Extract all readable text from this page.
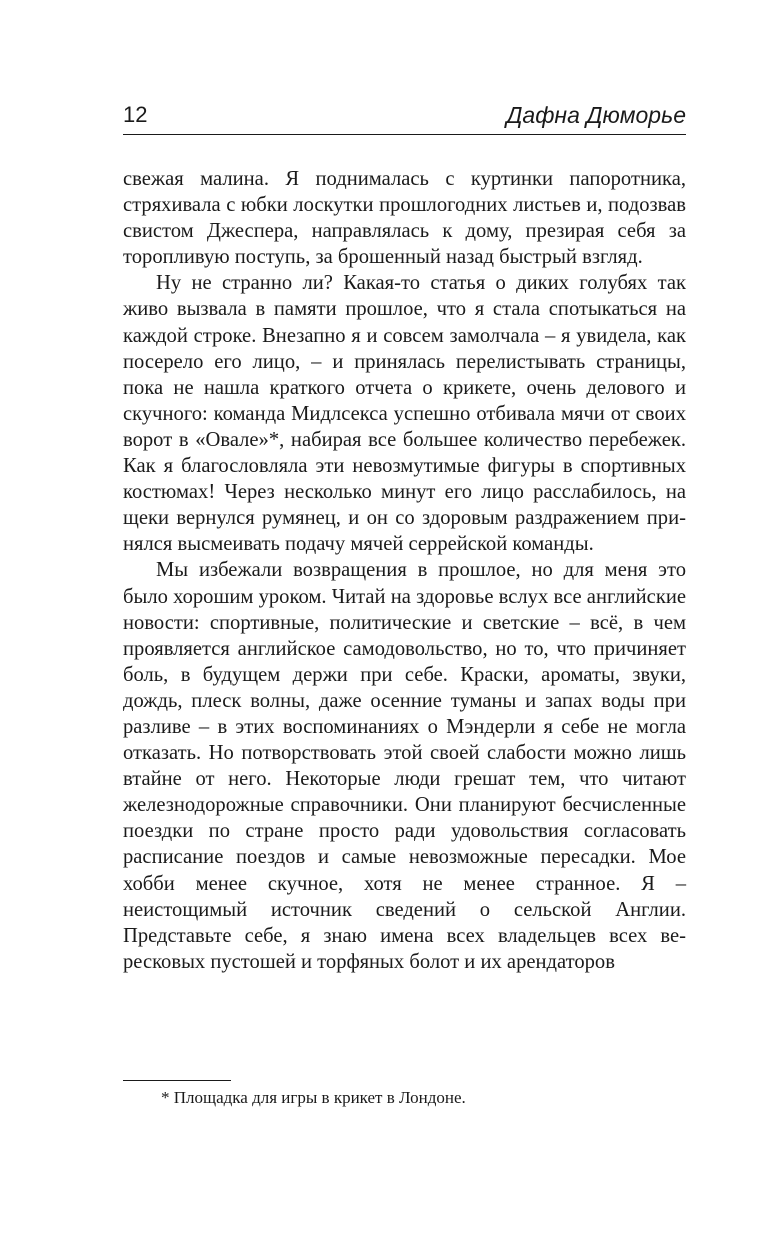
12	Дафна Дюморье

свежая малина. Я поднималась с куртинки папоротника, стряхивала с юбки лоскутки прошлогодних листьев и, подозвав свистом Джеспера, направлялась к дому, презирая себя за торопливую поступь, за брошенный назад быстрый взгляд.

Ну не странно ли? Какая-то статья о диких голубях так живо вызвала в памяти прошлое, что я стала спотыкаться на каждой строке. Внезапно я и совсем замолчала – я увидела, как посерело его лицо, – и принялась перелистывать страницы, пока не нашла краткого отчета о крикете, очень делового и скучного: команда Мидлсекса успешно отбивала мячи от своих ворот в «Овале»*, набирая все большее количество перебежек. Как я благословляла эти невозмутимые фигуры в спортивных костюмах! Через несколько минут его лицо расслабилось, на щеки вернулся румянец, и он со здоровым раздражением принялся высмеивать подачу мячей серрейской команды.

Мы избежали возвращения в прошлое, но для меня это было хорошим уроком. Читай на здоровье вслух все английские новости: спортивные, политические и светские – всё, в чем проявляется английское самодовольство, но то, что причиняет боль, в будущем держи при себе. Краски, ароматы, звуки, дождь, плеск волны, даже осенние туманы и запах воды при разливе – в этих воспоминаниях о Мэндерли я себе не могла отказать. Но потворствовать этой своей слабости можно лишь втайне от него. Некоторые люди грешат тем, что читают железнодорожные справочники. Они планируют бесчисленные поездки по стране просто ради удовольствия согласовать расписание поездов и самые невозможные пересадки. Мое хобби менее скучное, хотя не менее странное. Я – неистощимый источник сведений о сельской Англии. Представьте себе, я знаю имена всех владельцев всех вересковых пустошей и торфяных болот и их арендаторов

* Площадка для игры в крикет в Лондоне.
